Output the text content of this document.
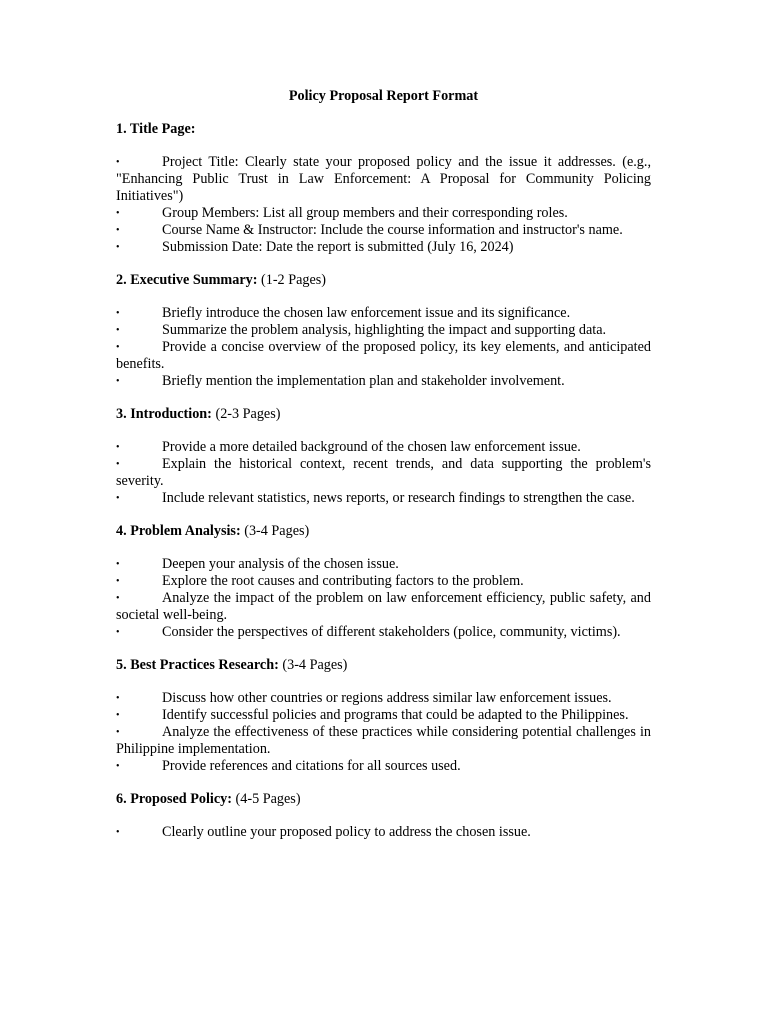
Policy Proposal Report Format

1. Title Page:

•	Project Title: Clearly state your proposed policy and the issue it addresses. (e.g., "Enhancing Public Trust in Law Enforcement: A Proposal for Community Policing Initiatives")
•	Group Members: List all group members and their corresponding roles.
•	Course Name & Instructor: Include the course information and instructor's name.
•	Submission Date: Date the report is submitted (July 16, 2024)

2. Executive Summary: (1-2 Pages)

•	Briefly introduce the chosen law enforcement issue and its significance.
•	Summarize the problem analysis, highlighting the impact and supporting data.
•	Provide a concise overview of the proposed policy, its key elements, and anticipated benefits.
•	Briefly mention the implementation plan and stakeholder involvement.

3. Introduction: (2-3 Pages)

•	Provide a more detailed background of the chosen law enforcement issue.
•	Explain the historical context, recent trends, and data supporting the problem's severity.
•	Include relevant statistics, news reports, or research findings to strengthen the case.

4. Problem Analysis: (3-4 Pages)

•	Deepen your analysis of the chosen issue.
•	Explore the root causes and contributing factors to the problem.
•	Analyze the impact of the problem on law enforcement efficiency, public safety, and societal well-being.
•	Consider the perspectives of different stakeholders (police, community, victims).

5. Best Practices Research: (3-4 Pages)

•	Discuss how other countries or regions address similar law enforcement issues.
•	Identify successful policies and programs that could be adapted to the Philippines.
•	Analyze the effectiveness of these practices while considering potential challenges in Philippine implementation.
•	Provide references and citations for all sources used.

6. Proposed Policy: (4-5 Pages)

•	Clearly outline your proposed policy to address the chosen issue.
